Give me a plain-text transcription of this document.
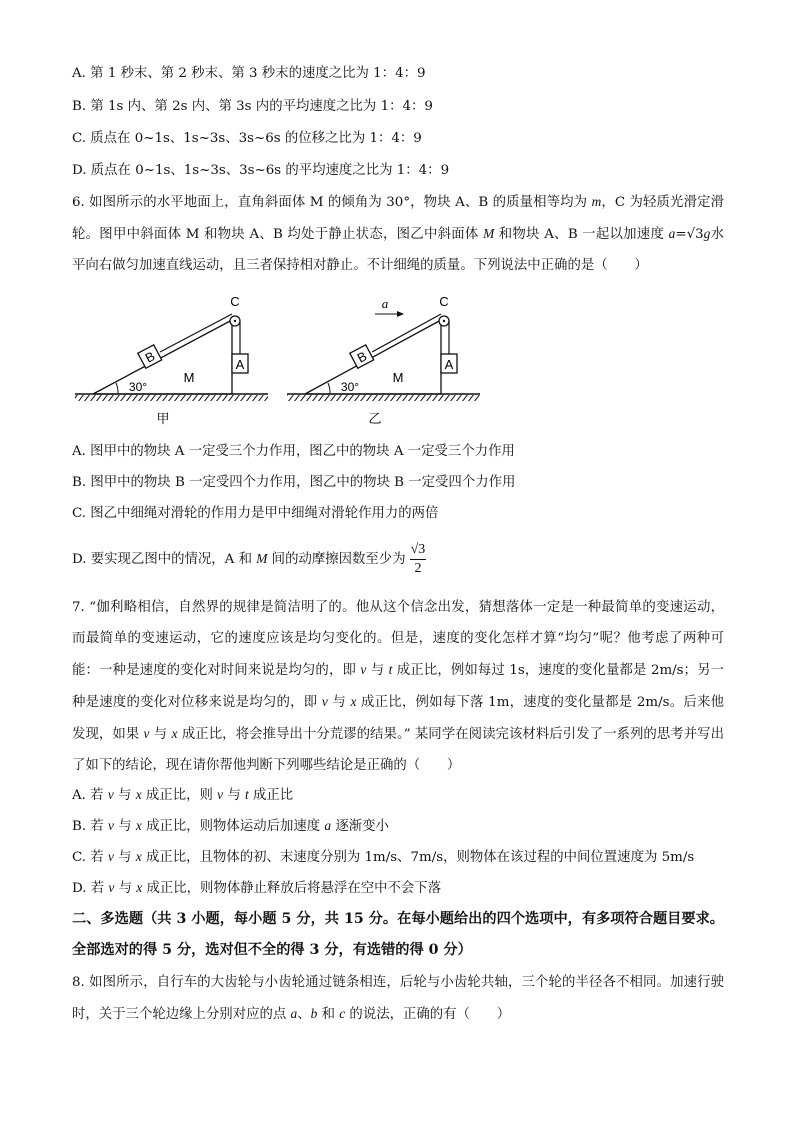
A. 第 1 秒末、第 2 秒末、第 3 秒末的速度之比为 1：4：9
B. 第 1s 内、第 2s 内、第 3s 内的平均速度之比为 1：4：9
C. 质点在 0~1s、1s~3s、3s~6s 的位移之比为 1：4：9
D. 质点在 0~1s、1s~3s、3s~6s 的平均速度之比为 1：4：9
6. 如图所示的水平地面上，直角斜面体 M 的倾角为 30°，物块 A、B 的质量相等均为 m，C 为轻质光滑定滑轮。图甲中斜面体 M 和物块 A、B 均处于静止状态，图乙中斜面体 M 和物块 A、B 一起以加速度 a=√3g水平向右做匀加速直线运动，且三者保持相对静止。不计细绳的质量。下列说法中正确的是（　　）
B	A
C
M
30°
甲
B	A
C
M
30°
乙
a
A. 图甲中的物块 A 一定受三个力作用，图乙中的物块 A 一定受三个力作用
B. 图甲中的物块 B 一定受四个力作用，图乙中的物块 B 一定受四个力作用
C. 图乙中细绳对滑轮的作用力是甲中细绳对滑轮作用力的两倍
D. 要实现乙图中的情况，A 和 M 间的动摩擦因数至少为 $\frac{√3}{2}$
7. “伽利略相信，自然界的规律是简洁明了的。他从这个信念出发，猜想落体一定是一种最简单的变速运动，而最简单的变速运动，它的速度应该是均匀变化的。但是，速度的变化怎样才算“均匀”呢？他考虑了两种可能：一种是速度的变化对时间来说是均匀的，即 v 与 t 成正比，例如每过 1s，速度的变化量都是 2m/s；另一种是速度的变化对位移来说是均匀的，即 v 与 x 成正比，例如每下落 1m，速度的变化量都是 2m/s。后来他发现，如果 v 与 x 成正比，将会推导出十分荒谬的结果。” 某同学在阅读完该材料后引发了一系列的思考并写出了如下的结论，现在请你帮他判断下列哪些结论是正确的（　　）
A. 若 v 与 x 成正比，则 v 与 t 成正比
B. 若 v 与 x 成正比，则物体运动后加速度 a 逐渐变小
C. 若 v 与 x 成正比，且物体的初、末速度分别为 1m/s、7m/s，则物体在该过程的中间位置速度为 5m/s
D. 若 v 与 x 成正比，则物体静止释放后将悬浮在空中不会下落
二、多选题（共 3 小题，每小题 5 分，共 15 分。在每小题给出的四个选项中，有多项符合题目要求。全部选对的得 5 分，选对但不全的得 3 分，有选错的得 0 分）
8. 如图所示，自行车的大齿轮与小齿轮通过链条相连，后轮与小齿轮共轴，三个轮的半径各不相同。加速行驶时，关于三个轮边缘上分别对应的点 a、b 和 c 的说法，正确的有（　　）
